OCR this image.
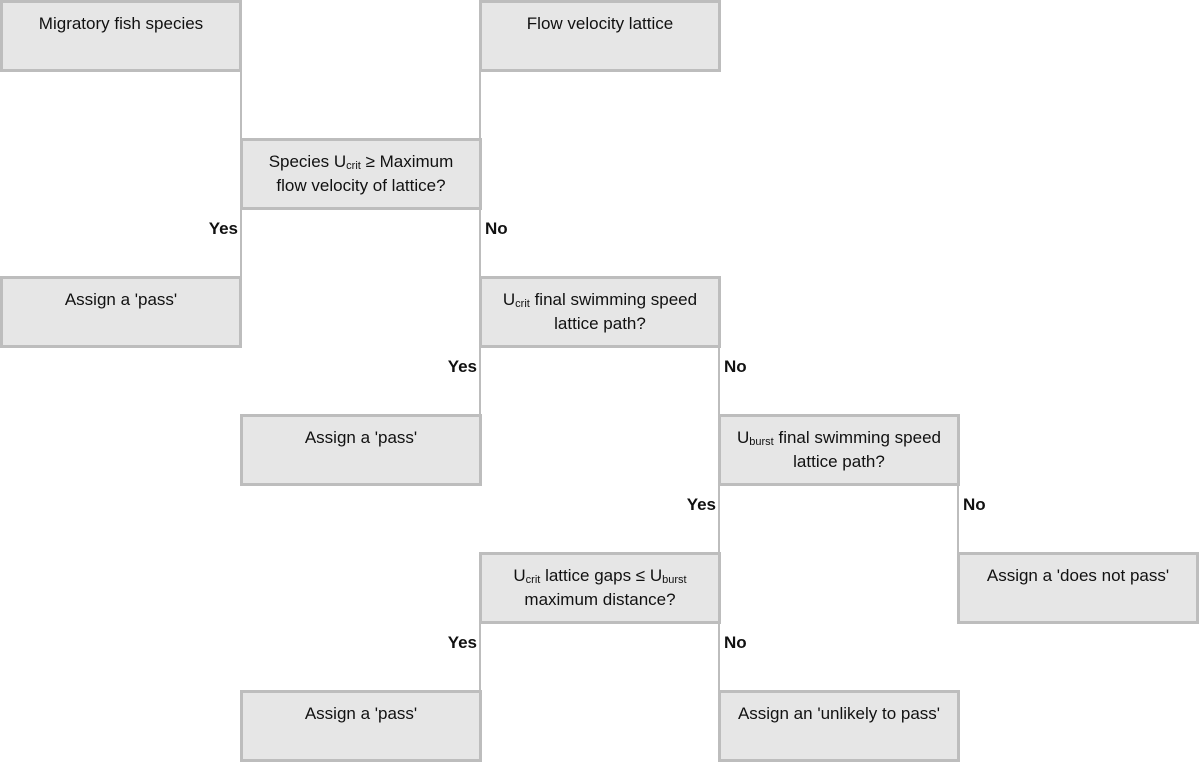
Migratory fish species	Flow velocity lattice
Species $U_{crit}$ ≥ Maximum
flow velocity of lattice?
Yes	No
Assign a 'pass'	$U_{crit}$ final swimming speed
lattice path?
Yes	No
Assign a 'pass'	$U_{burst}$ final swimming speed
lattice path?
Yes	No
$U_{crit}$ lattice gaps ≤ $U_{burst}$
maximum distance?
Assign a 'does not pass'
Yes	No
Assign a 'pass'	Assign an 'unlikely to pass'
